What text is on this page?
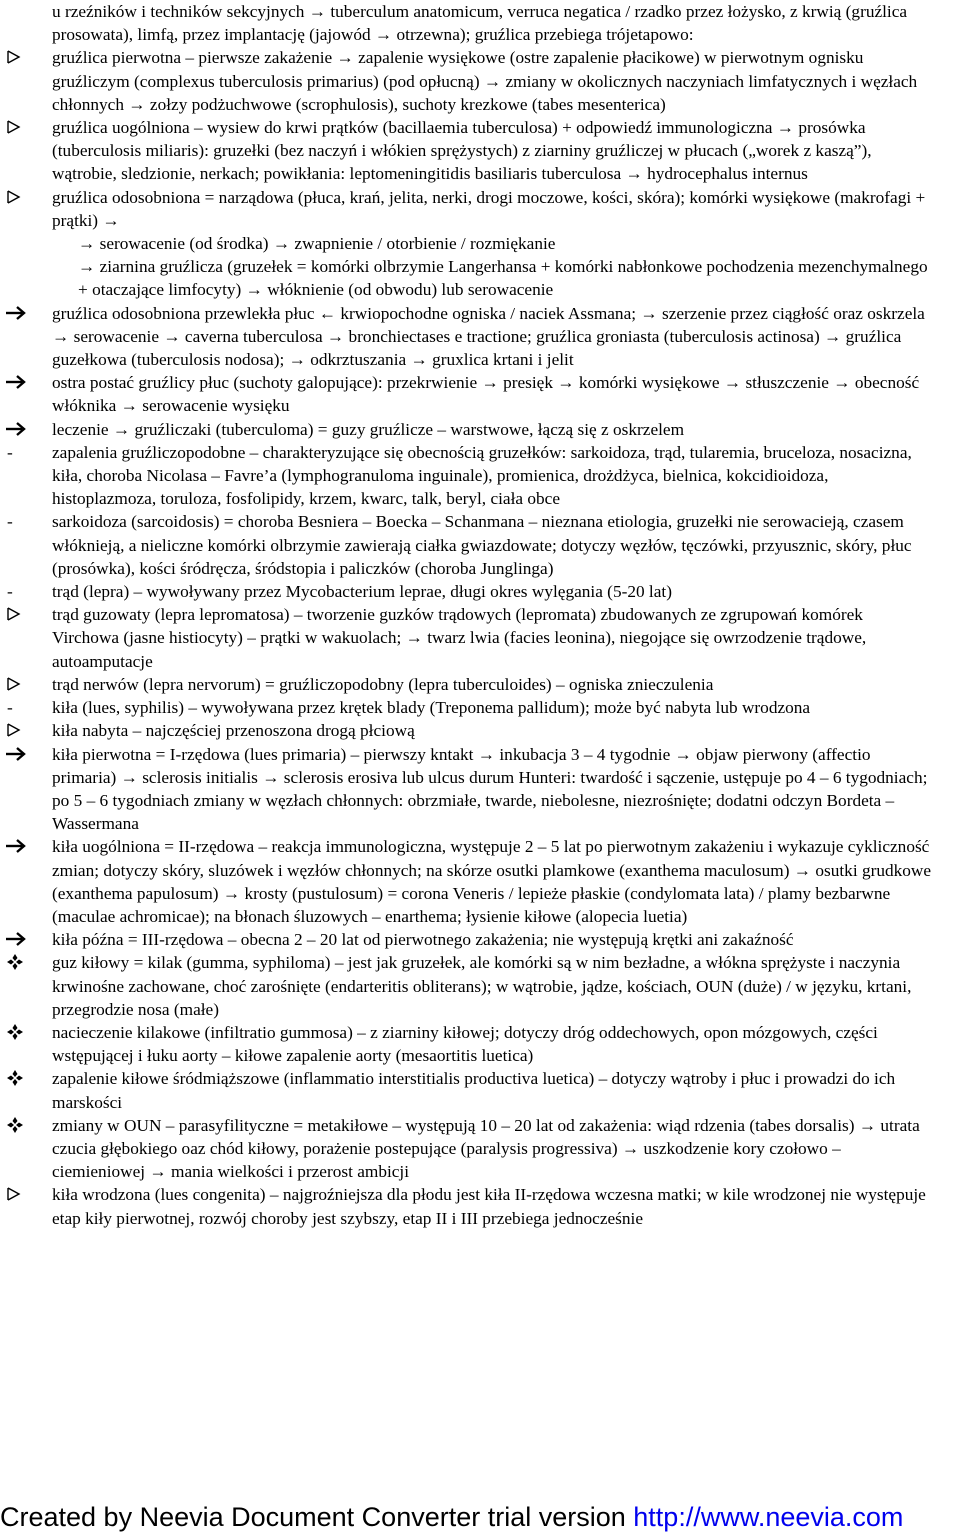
u rzeźników i techników sekcyjnych → tuberculum anatomicum, verruca negatica / rzadko przez łożysko, z krwią (gruźlica prosowata), limfą, przez implantację (jajowód → otrzewna); gruźlica przebiega trójetapowo:
gruźlica pierwotna – pierwsze zakażenie → zapalenie wysiękowe (ostre zapalenie płacikowe) w pierwotnym ognisku gruźliczym (complexus tuberculosis primarius) (pod opłucną) → zmiany w okolicznych naczyniach limfatycznych i węzłach chłonnych → zołzy podżuchwowe (scrophulosis), suchoty krezkowe (tabes mesenterica)
gruźlica uogólniona – wysiew do krwi prątków (bacillaemia tuberculosa) + odpowiedź immunologiczna → prosówka (tuberculosis miliaris): gruzełki (bez naczyń i włókien sprężystych) z ziarniny gruźliczej w płucach („worek z kaszą”), wątrobie, sledzionie, nerkach; powikłania: leptomeningitidis basiliaris tuberculosa → hydrocephalus internus
gruźlica odosobniona = narządowa (płuca, krań, jelita, nerki, drogi moczowe, kości, skóra); komórki wysiękowe (makrofagi + prątki) →
→ serowacenie (od środka) → zwapnienie / otorbienie / rozmiękanie
→ ziarnina gruźlicza (gruzełek = komórki olbrzymie Langerhansa + komórki nabłonkowe pochodzenia mezenchymalnego + otaczające limfocyty) → włóknienie (od obwodu) lub serowacenie
gruźlica odosobniona przewlekła płuc ← krwiopochodne ogniska / naciek Assmana; → szerzenie przez ciągłość oraz oskrzela → serowacenie → caverna tuberculosa → bronchiectases e tractione; gruźlica groniasta (tuberculosis actinosa) → gruźlica guzełkowa (tuberculosis nodosa); → odkrztuszania → gruxlica krtani i jelit
ostra postać gruźlicy płuc (suchoty galopujące): przekrwienie → presięk → komórki wysiękowe → stłuszczenie → obecność włóknika → serowacenie wysięku
leczenie → gruźliczaki (tuberculoma) = guzy gruźlicze – warstwowe, łączą się z oskrzelem
- zapalenia gruźliczopodobne – charakteryzujące się obecnością gruzełków: sarkoidoza, trąd, tularemia, bruceloza, nosacizna, kiła, choroba Nicolasa – Favre’a (lymphogranuloma inguinale), promienica, drożdżyca, bielnica, kokcidioidoza, histoplazmoza, toruloza, fosfolipidy, krzem, kwarc, talk, beryl, ciała obce
- sarkoidoza (sarcoidosis) = choroba Besniera – Boecka – Schanmana – nieznana etiologia, gruzełki nie serowacieją, czasem włóknieją, a nieliczne komórki olbrzymie zawierają ciałka gwiazdowate; dotyczy węzłów, tęczówki, przyusznic, skóry, płuc (prosówka), kości śródręcza, śródstopia i paliczków (choroba Junglinga)
- trąd (lepra) – wywoływany przez Mycobacterium leprae, długi okres wylęgania (5-20 lat)
trąd guzowaty (lepra lepromatosa) – tworzenie guzków trądowych (lepromata) zbudowanych ze zgrupowań komórek Virchowa (jasne histiocyty) – prątki w wakuolach; → twarz lwia (facies leonina), niegojące się owrzodzenie trądowe, autoamputacje
trąd nerwów (lepra nervorum) = gruźliczopodobny (lepra tuberculoides) – ogniska znieczulenia
- kiła (lues, syphilis) – wywoływana przez krętek blady (Treponema pallidum); może być nabyta lub wrodzona
kiła nabyta – najczęściej przenoszona drogą płciową
kiła pierwotna = I-rzędowa (lues primaria) – pierwszy kntakt → inkubacja 3 – 4 tygodnie → objaw pierwony (affectio primaria) → sclerosis initialis → sclerosis erosiva lub ulcus durum Hunteri: twardość i sączenie, ustępuje po 4 – 6 tygodniach; po 5 – 6 tygodniach zmiany w węzłach chłonnych: obrzmiałe, twarde, niebolesne, niezrośnięte; dodatni odczyn Bordeta – Wassermana
kiła uogólniona = II-rzędowa – reakcja immunologiczna, występuje 2 – 5 lat po pierwotnym zakażeniu i wykazuje cykliczność zmian; dotyczy skóry, sluzówek i węzłów chłonnych; na skórze osutki plamkowe (exanthema maculosum) → osutki grudkowe (exanthema papulosum) → krosty (pustulosum) = corona Veneris / lepieże płaskie (condylomata lata) / plamy bezbarwne (maculae achromicae); na błonach śluzowych – enarthema; łysienie kiłowe (alopecia luetia)
kiła późna = III-rzędowa – obecna 2 – 20 lat od pierwotnego zakażenia; nie występują krętki ani zakaźność
guz kiłowy = kilak (gumma, syphiloma) – jest jak gruzełek, ale komórki są w nim bezładne, a włókna sprężyste i naczynia krwinośne zachowane, choć zarośnięte (endarteritis obliterans); w wątrobie, jądze, kościach, OUN (duże) / w języku, krtani, przegrodzie nosa (małe)
nacieczenie kilakowe (infiltratio gummosa) – z ziarniny kiłowej; dotyczy dróg oddechowych, opon mózgowych, części wstępującej i łuku aorty – kiłowe zapalenie aorty (mesaortitis luetica)
zapalenie kiłowe śródmiąższowe (inflammatio interstitialis productiva luetica) – dotyczy wątroby i płuc i prowadzi do ich marskości
zmiany w OUN – parasyfilityczne = metakiłowe – występują 10 – 20 lat od zakażenia: wiąd rdzenia (tabes dorsalis) → utrata czucia głębokiego oaz chód kiłowy, porażenie postepujące (paralysis progressiva) → uszkodzenie kory czołowo – ciemieniowej → mania wielkości i przerost ambicji
kiła wrodzona (lues congenita) – najgroźniejsza dla płodu jest kiła II-rzędowa wczesna matki; w kile wrodzonej nie występuje etap kiły pierwotnej, rozwój choroby jest szybszy, etap II i III przebiega jednocześnie
Created by Neevia Document Converter trial version http://www.neevia.com
